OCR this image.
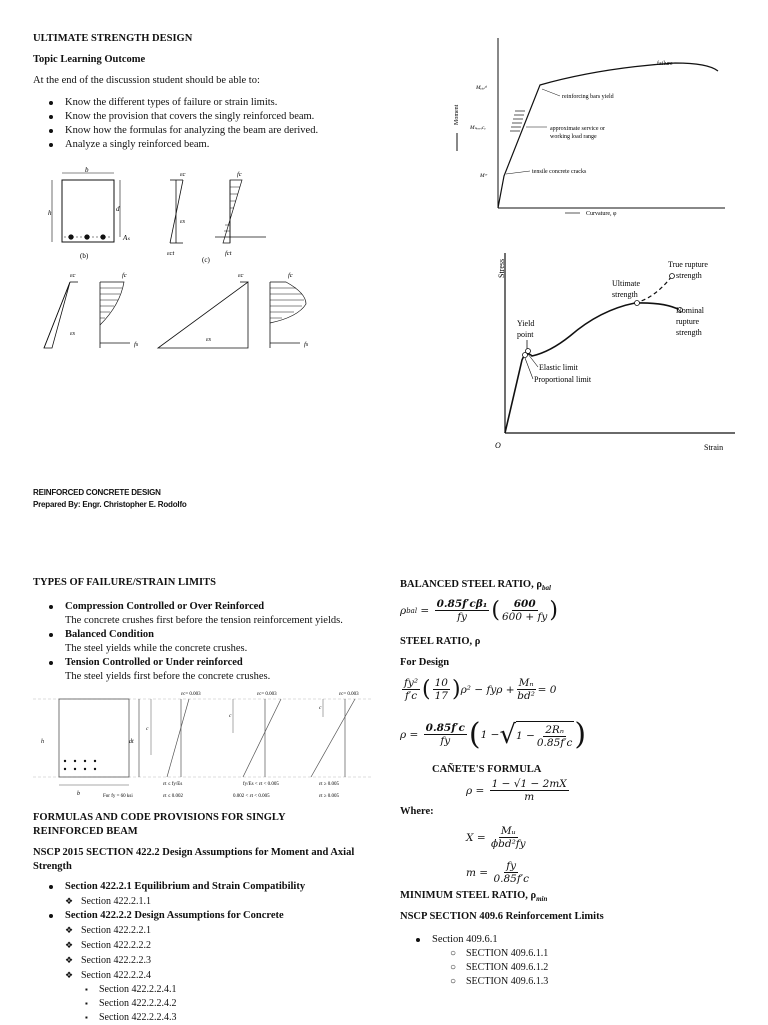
ULTIMATE STRENGTH DESIGN
Topic Learning Outcome
At the end of the discussion student should be able to:
Know the different types of failure or strain limits.
Know the provision that covers the singly reinforced beam.
Know how the formulas for analyzing the beam are derived.
Analyze a singly reinforced beam.
b
h	d
Aₛ
(b)
εc
εs
εct
(c)
fc
fct
εc
εs
fc
fs
εc
εs
fc
fs
Moment
Mᵧᵢₑₗᵈ
Mₛₑᵣᵥᵢcₑ
Mᶜʳ
failure
reinforcing bars yield
approximate service or
working load range
tensile concrete cracks
Curvature, φ
Stress
Strain
O
True rupture
strength
Ultimate
strength
Nominal
rupture
strength
Yield
point
Elastic limit
Proportional limit
REINFORCED CONCRETE DESIGN
Prepared By: Engr. Christopher E. Rodolfo
TYPES OF FAILURE/STRAIN LIMITS
Compression Controlled or Over Reinforced
The concrete crushes first before the tension reinforcement yields.
Balanced Condition
The steel yields while the concrete crushes.
Tension Controlled or Under reinforced
The steel yields first before the concrete crushes.
b
h	dt
c
εc= 0.003
εt ≤ fy/Es
εt ≤ 0.002
For fy = 60 ksi
c
εc= 0.003
fy/Es < εt < 0.005
0.002 < εt < 0.005
c
εc= 0.003
εt ≥ 0.005
εt ≥ 0.005
FORMULAS AND CODE PROVISIONS FOR SINGLY REINFORCED BEAM
NSCP 2015 SECTION 422.2 Design Assumptions for Moment and Axial Strength
Section 422.2.1 Equilibrium and Strain Compatibility
❖ Section 422.2.1.1
Section 422.2.2 Design Assumptions for Concrete
❖ Section 422.2.2.1
❖ Section 422.2.2.2
❖ Section 422.2.2.3
❖ Section 422.2.2.4
▪ Section 422.2.2.4.1
▪ Section 422.2.2.4.2
▪ Section 422.2.2.4.3
BALANCED STEEL RATIO, $\rho_{bal}$
ρ bal = $\frac{\text{0.85f′cβ₁}}{fy}$ ( $\frac{600}{600 + fy}$ )
STEEL RATIO, ρ
For Design
$\frac{\text{fy²}}{f'c}$ ( $\frac{10}{17}$ ) $\rho^2 - fy\rho + \frac{\text{Mₙ}}{\text{bd²}} = 0$
ρ =
$\frac{0.85f'c}{fy}$ ( 1 − √ $1 - \frac{\text{2Rₙ}}{0.85f'c}$ )
CAÑETE'S FORMULA
ρ =
$\frac{1 - √1 - 2mX}{m}$
Where:
X =
$\frac{\text{Mᵤ}}{\text{ϕbd²fy}}$
m =
$\frac{fy}{0.85f'c}$
MINIMUM STEEL RATIO, $\rho_{min}$
NSCP SECTION 409.6 Reinforcement Limits
Section 409.6.1
○ SECTION 409.6.1.1
○ SECTION 409.6.1.2
○ SECTION 409.6.1.3
